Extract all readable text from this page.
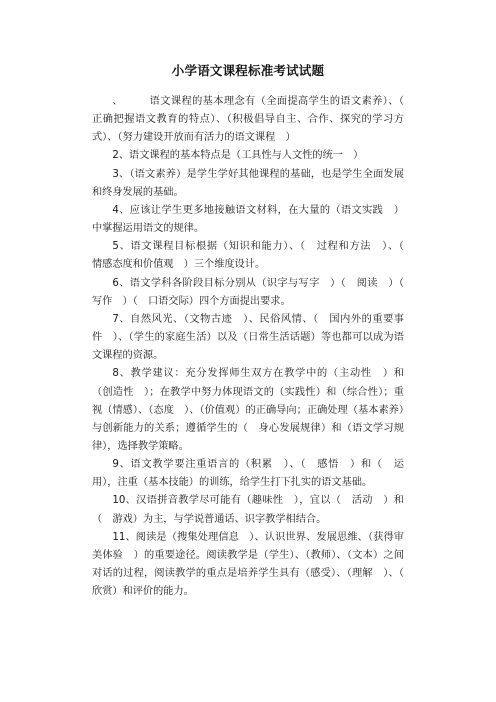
小学语文课程标准考试试题

、　　　语文课程的基本理念有（全面提高学生的语文素养）、（　正确把握语文教育的特点）、（积极倡导自主、合作、探究的学习方式）、（努力建设开放而有活力的语文课程　）

2、语文课程的基本特点是（工具性与人文性的统一　）

3、（语文素养）是学生学好其他课程的基础，也是学生全面发展和终身发展的基础。

4、应该让学生更多地接触语文材料，在大量的（语文实践　）中掌握运用语文的规律。

5、语文课程目标根据（知识和能力）、（　过程和方法　）、（　情感态度和价值观　）三个维度设计。

6、语文学科各阶段目标分别从（识字与写字　）（　阅读　）（　写作　）（　口语交际）四个方面提出要求。

7、自然风光、（文物古迹　）、民俗风情、（　国内外的重要事件　）、（学生的家庭生活）以及（日常生活话题）等也都可以成为语文课程的资源。

8、教学建议：充分发挥师生双方在教学中的（主动性　）和（创造性　）；在教学中努力体现语文的（实践性）和（综合性）；重视（情感）、（态度　）、（价值观）的正确导向；正确处理（基本素养）与创新能力的关系；遵循学生的（　身心发展规律）和（语文学习规律），选择教学策略。

9、语文教学要注重语言的（积累　）、（　感悟　）和（　运用），注重（基本技能）的训练，给学生打下扎实的语文基础。

10、汉语拼音教学尽可能有（趣味性　），宜以（　活动　）和（　游戏）为主，与学说普通话、识字教学相结合。

11、阅读是（搜集处理信息　）、认识世界、发展思维、（获得审美体验　）的重要途径。阅读教学是（学生）、（教师）、（文本）之间对话的过程，阅读教学的重点是培养学生具有（感受）、（理解　）、（　欣赏）和评价的能力。
